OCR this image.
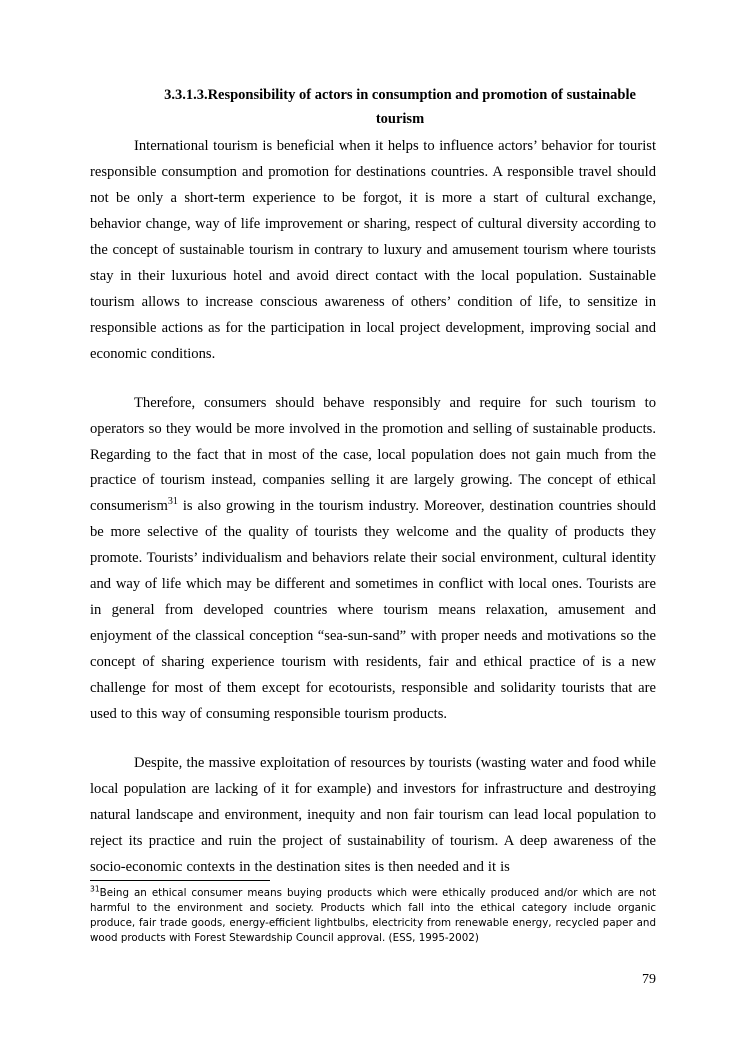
3.3.1.3.Responsibility of actors in consumption and promotion of sustainable
tourism

International tourism is beneficial when it helps to influence actors’ behavior for tourist responsible consumption and promotion for destinations countries. A responsible travel should not be only a short-term experience to be forgot, it is more a start of cultural exchange, behavior change, way of life improvement or sharing, respect of cultural diversity according to the concept of sustainable tourism in contrary to luxury and amusement tourism where tourists stay in their luxurious hotel and avoid direct contact with the local population. Sustainable tourism allows to increase conscious awareness of others’ condition of life, to sensitize in responsible actions as for the participation in local project development, improving social and economic conditions.

Therefore, consumers should behave responsibly and require for such tourism to operators so they would be more involved in the promotion and selling of sustainable products. Regarding to the fact that in most of the case, local population does not gain much from the practice of tourism instead, companies selling it are largely growing. The concept of ethical consumerism$^{31}$ is also growing in the tourism industry. Moreover, destination countries should be more selective of the quality of tourists they welcome and the quality of products they promote. Tourists’ individualism and behaviors relate their social environment, cultural identity and way of life which may be different and sometimes in conflict with local ones. Tourists are in general from developed countries where tourism means relaxation, amusement and enjoyment of the classical conception “sea-sun-sand” with proper needs and motivations so the concept of sharing experience tourism with residents, fair and ethical practice of is a new challenge for most of them except for ecotourists, responsible and solidarity tourists that are used to this way of consuming responsible tourism products.

Despite, the massive exploitation of resources by tourists (wasting water and food while local population are lacking of it for example) and investors for infrastructure and destroying natural landscape and environment, inequity and non fair tourism can lead local population to reject its practice and ruin the project of sustainability of tourism. A deep awareness of the socio-economic contexts in the destination sites is then needed and it is

$^{31}$Being an ethical consumer means buying products which were ethically produced and/or which are not harmful to the environment and society. Products which fall into the ethical category include organic produce, fair trade goods, energy-efficient lightbulbs, electricity from renewable energy, recycled paper and wood products with Forest Stewardship Council approval. (ESS, 1995-2002)

79
